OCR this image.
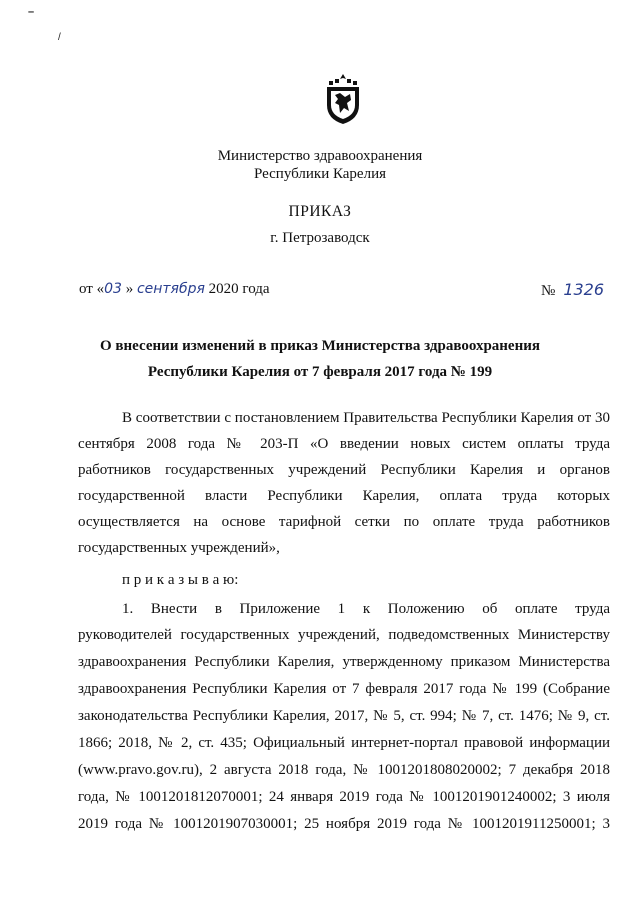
–
/
Министерство здравоохранения
Республики Карелия
ПРИКАЗ
г. Петрозаводск
от «03 » сентября 2020 года	№ 1326
О внесении изменений в приказ Министерства здравоохранения
Республики Карелия от 7 февраля 2017 года № 199
В соответствии с постановлением Правительства Республики Карелия от 30
сентября 2008 года № 203-П «О введении новых систем оплаты труда
работников государственных учреждений Республики Карелия и органов
государственной власти Республики Карелия, оплата труда которых
осуществляется на основе тарифной сетки по оплате труда работников
государственных учреждений»,
п р и к а з ы в а ю:
1. Внести в Приложение 1 к Положению об оплате труда
руководителей государственных учреждений, подведомственных Министерству
здравоохранения Республики Карелия, утвержденному приказом Министерства
здравоохранения Республики Карелия от 7 февраля 2017 года № 199 (Собрание
законодательства Республики Карелия, 2017, № 5, ст. 994; № 7, ст. 1476; № 9, ст.
1866; 2018, № 2, ст. 435; Официальный интернет-портал правовой информации
(www.pravo.gov.ru), 2 августа 2018 года, № 1001201808020002; 7 декабря 2018
года, № 1001201812070001; 24 января 2019 года № 1001201901240002; 3 июля
2019 года № 1001201907030001; 25 ноября 2019 года № 1001201911250001; 3
